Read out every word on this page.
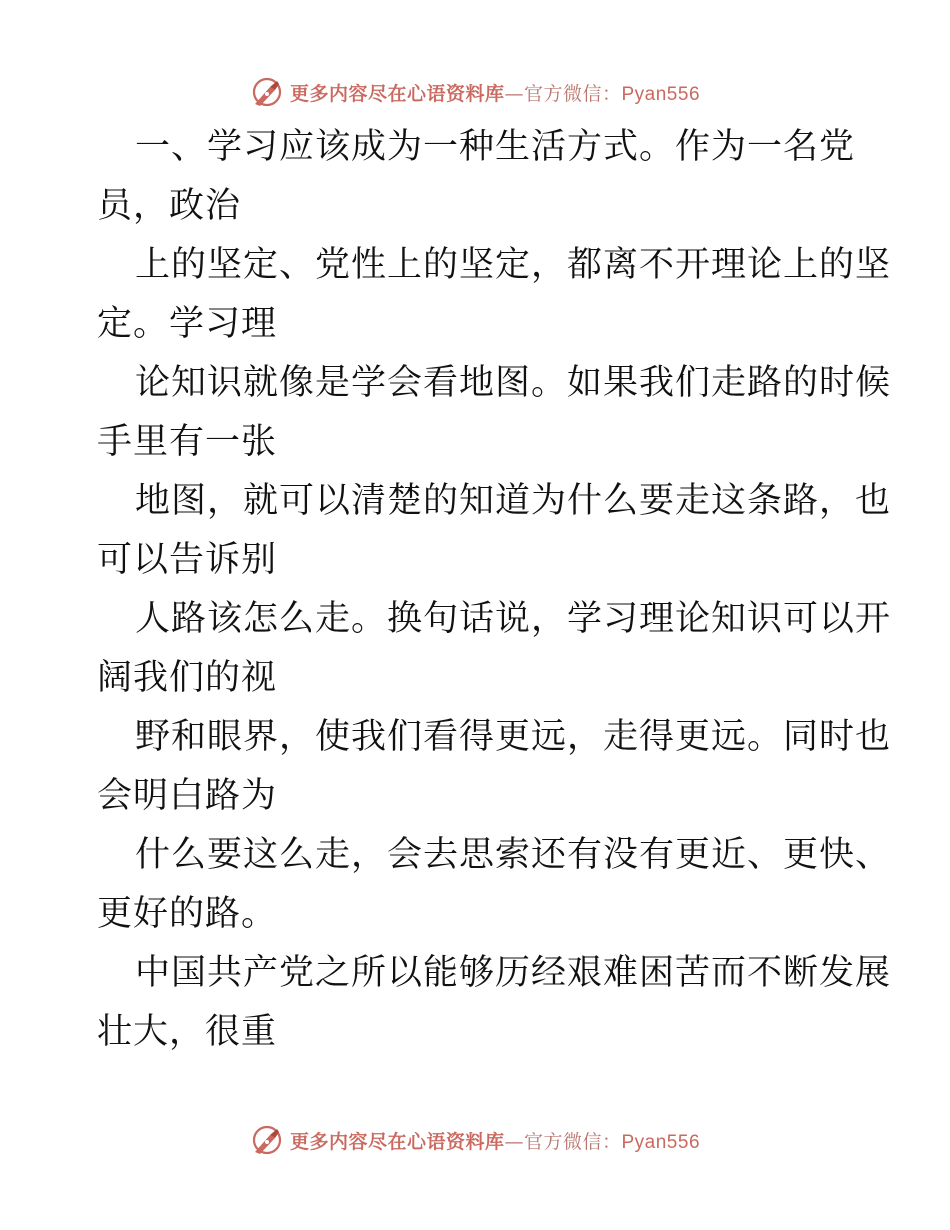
更多内容尽在心语资料库—官方微信：Pyan556
一、学习应该成为一种生活方式。作为一名党
员，政治
上的坚定、党性上的坚定，都离不开理论上的坚
定。学习理
论知识就像是学会看地图。如果我们走路的时候
手里有一张
地图，就可以清楚的知道为什么要走这条路，也
可以告诉别
人路该怎么走。换句话说，学习理论知识可以开
阔我们的视
野和眼界，使我们看得更远，走得更远。同时也
会明白路为
什么要这么走，会去思索还有没有更近、更快、
更好的路。
中国共产党之所以能够历经艰难困苦而不断发展
壮大，很重
更多内容尽在心语资料库—官方微信：Pyan556
